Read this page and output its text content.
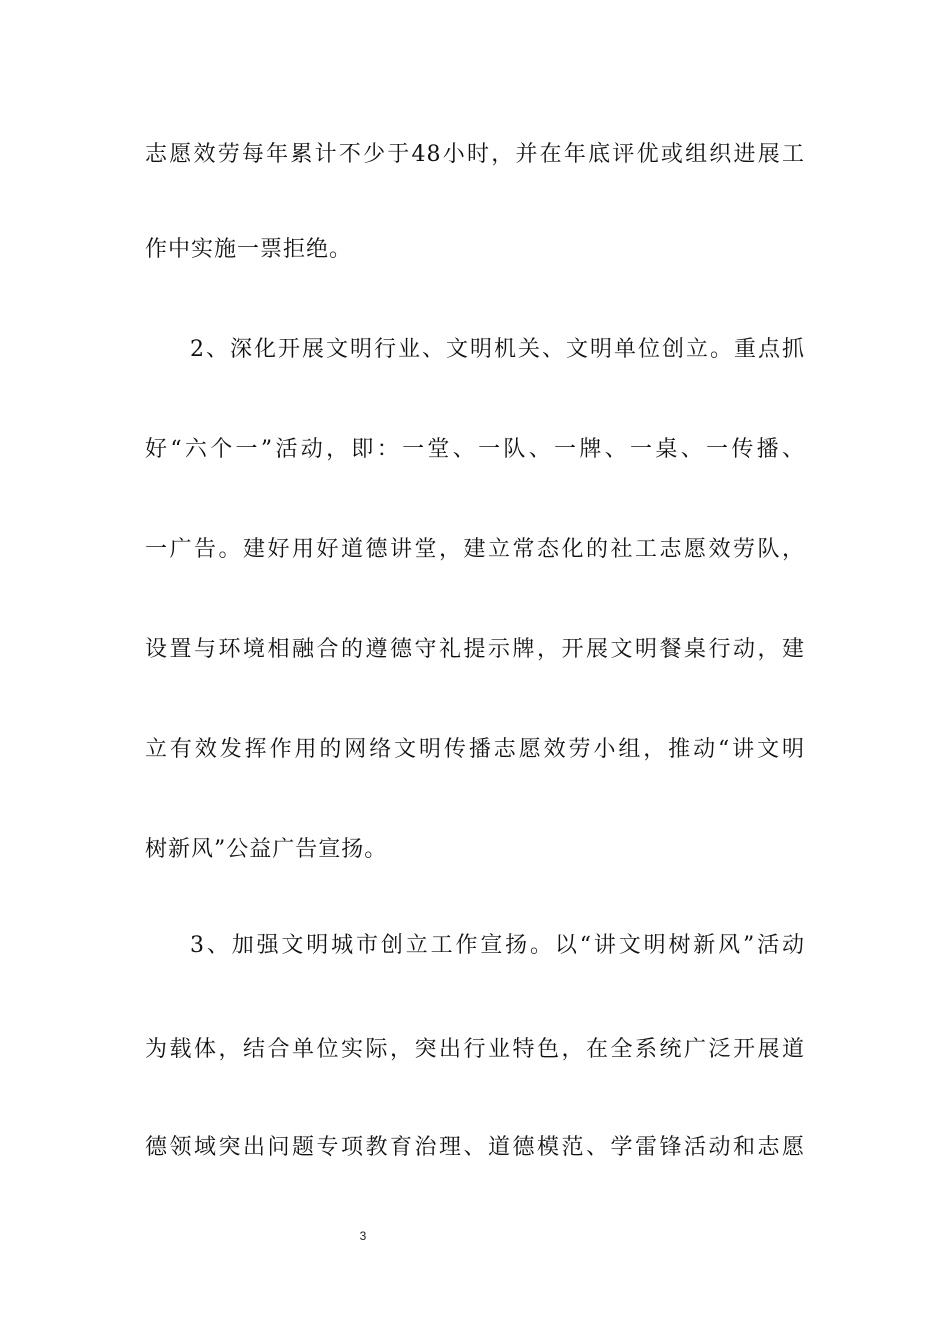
志愿效劳每年累计不少于48小时，并在年底评优或组织进展工
作中实施一票拒绝。
2、深化开展文明行业、文明机关、文明单位创立。重点抓
好“六个一”活动，即：一堂、一队、一牌、一桌、一传播、
一广告。建好用好道德讲堂，建立常态化的社工志愿效劳队，
设置与环境相融合的遵德守礼提示牌，开展文明餐桌行动，建
立有效发挥作用的网络文明传播志愿效劳小组，推动“讲文明
树新风”公益广告宣扬。
3、加强文明城市创立工作宣扬。以“讲文明树新风”活动
为载体，结合单位实际，突出行业特色，在全系统广泛开展道
德领域突出问题专项教育治理、道德模范、学雷锋活动和志愿
3
